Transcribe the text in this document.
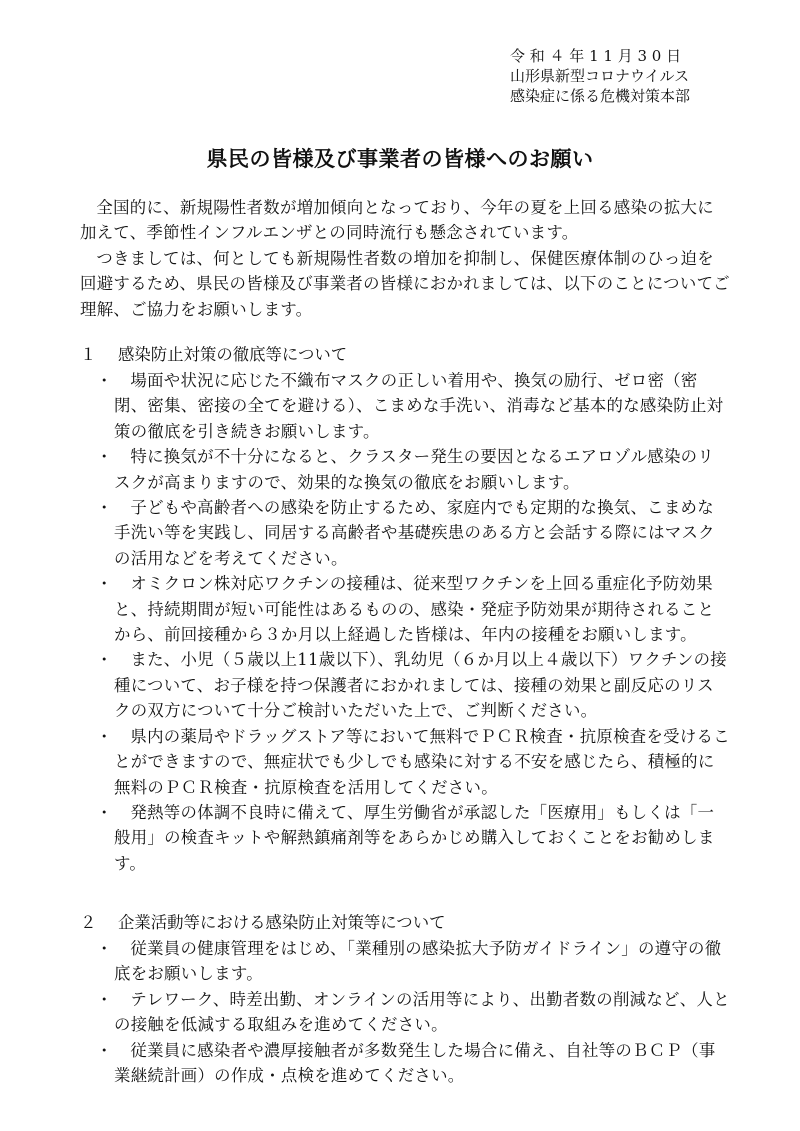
令 和 ４ 年 1 1 月 3 0 日
山形県新型コロナウイルス
感染症に係る危機対策本部
県民の皆様及び事業者の皆様へのお願い

全国的に、新規陽性者数が増加傾向となっており、今年の夏を上回る感染の拡大に加えて、季節性インフルエンザとの同時流行も懸念されています。

つきましては、何としても新規陽性者数の増加を抑制し、保健医療体制のひっ迫を回避するため、県民の皆様及び事業者の皆様におかれましては、以下のことについてご理解、ご協力をお願いします。

１ 感染防止対策の徹底等について
・	場面や状況に応じた不織布マスクの正しい着用や、換気の励行、ゼロ密（密閉、密集、密接の全てを避ける）、こまめな手洗い、消毒など基本的な感染防止対策の徹底を引き続きお願いします。
・	特に換気が不十分になると、クラスター発生の要因となるエアロゾル感染のリスクが高まりますので、効果的な換気の徹底をお願いします。
・	子どもや高齢者への感染を防止するため、家庭内でも定期的な換気、こまめな手洗い等を実践し、同居する高齢者や基礎疾患のある方と会話する際にはマスクの活用などを考えてください。
・	オミクロン株対応ワクチンの接種は、従来型ワクチンを上回る重症化予防効果と、持続期間が短い可能性はあるものの、感染・発症予防効果が期待されることから、前回接種から３か月以上経過した皆様は、年内の接種をお願いします。
・	また、小児（５歳以上11歳以下）、乳幼児（６か月以上４歳以下）ワクチンの接種について、お子様を持つ保護者におかれましては、接種の効果と副反応のリスクの双方について十分ご検討いただいた上で、ご判断ください。
・	県内の薬局やドラッグストア等において無料でＰＣＲ検査・抗原検査を受けることができますので、無症状でも少しでも感染に対する不安を感じたら、積極的に無料のＰＣＲ検査・抗原検査を活用してください。
・	発熱等の体調不良時に備えて、厚生労働省が承認した「医療用」もしくは「一般用」の検査キットや解熱鎮痛剤等をあらかじめ購入しておくことをお勧めします。
２ 企業活動等における感染防止対策等について
・	従業員の健康管理をはじめ、「業種別の感染拡大予防ガイドライン」の遵守の徹底をお願いします。
・	テレワーク、時差出勤、オンラインの活用等により、出勤者数の削減など、人との接触を低減する取組みを進めてください。
・	従業員に感染者や濃厚接触者が多数発生した場合に備え、自社等のＢＣＰ（事業継続計画）の作成・点検を進めてください。
